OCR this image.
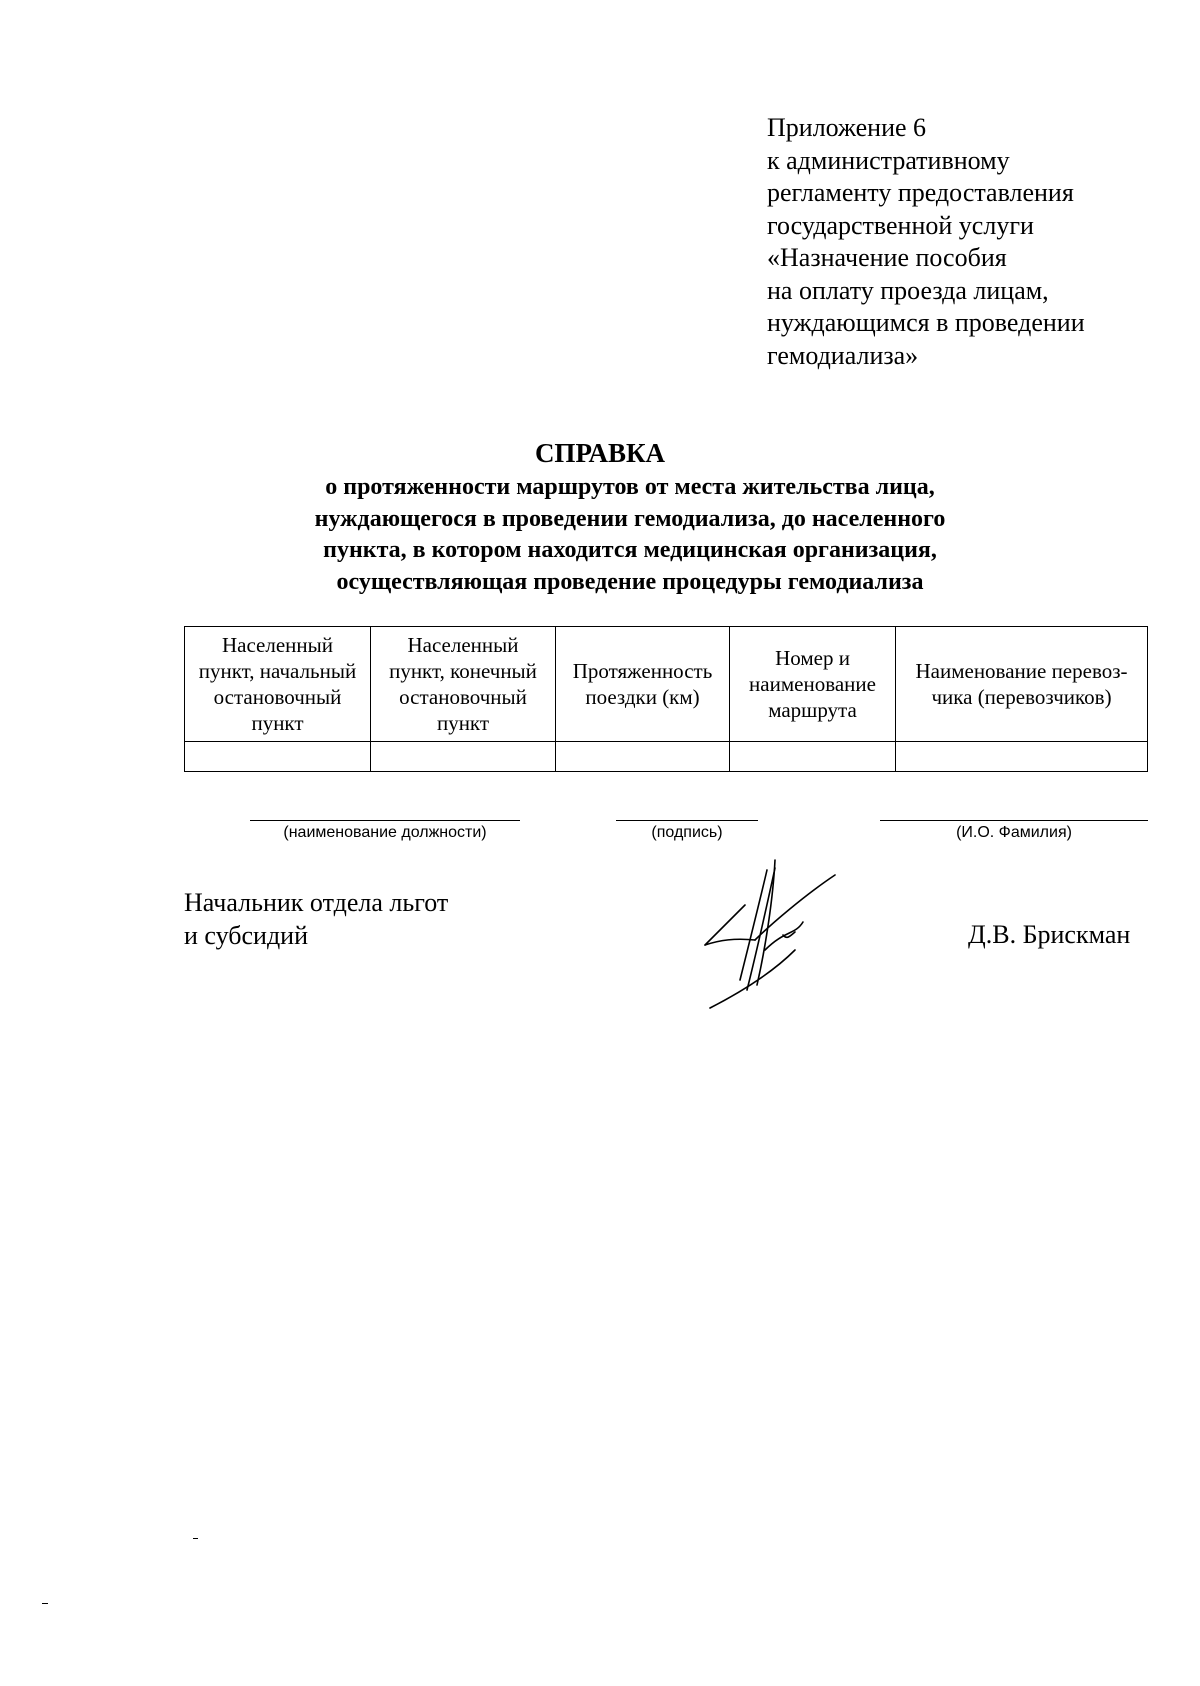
Приложение 6
к административному
регламенту предоставления
государственной услуги
«Назначение пособия
на оплату проезда лицам,
нуждающимся в проведении
гемодиализа»
СПРАВКА
о протяженности маршрутов от места жительства лица,
нуждающегося в проведении гемодиализа, до населенного
пункта, в котором находится медицинская организация,
осуществляющая проведение процедуры гемодиализа
Населенный
пункт, начальный
остановочный
пункт	Населенный
пункт, конечный
остановочный
пункт	Протяженность
поездки (км)	Номер и
наименование
маршрута	Наименование перевоз-
чика (перевозчиков)

(наименование должности)	(подпись)	(И.О. Фамилия)
Начальник отдела льгот
и субсидий	Д.В. Брискман
